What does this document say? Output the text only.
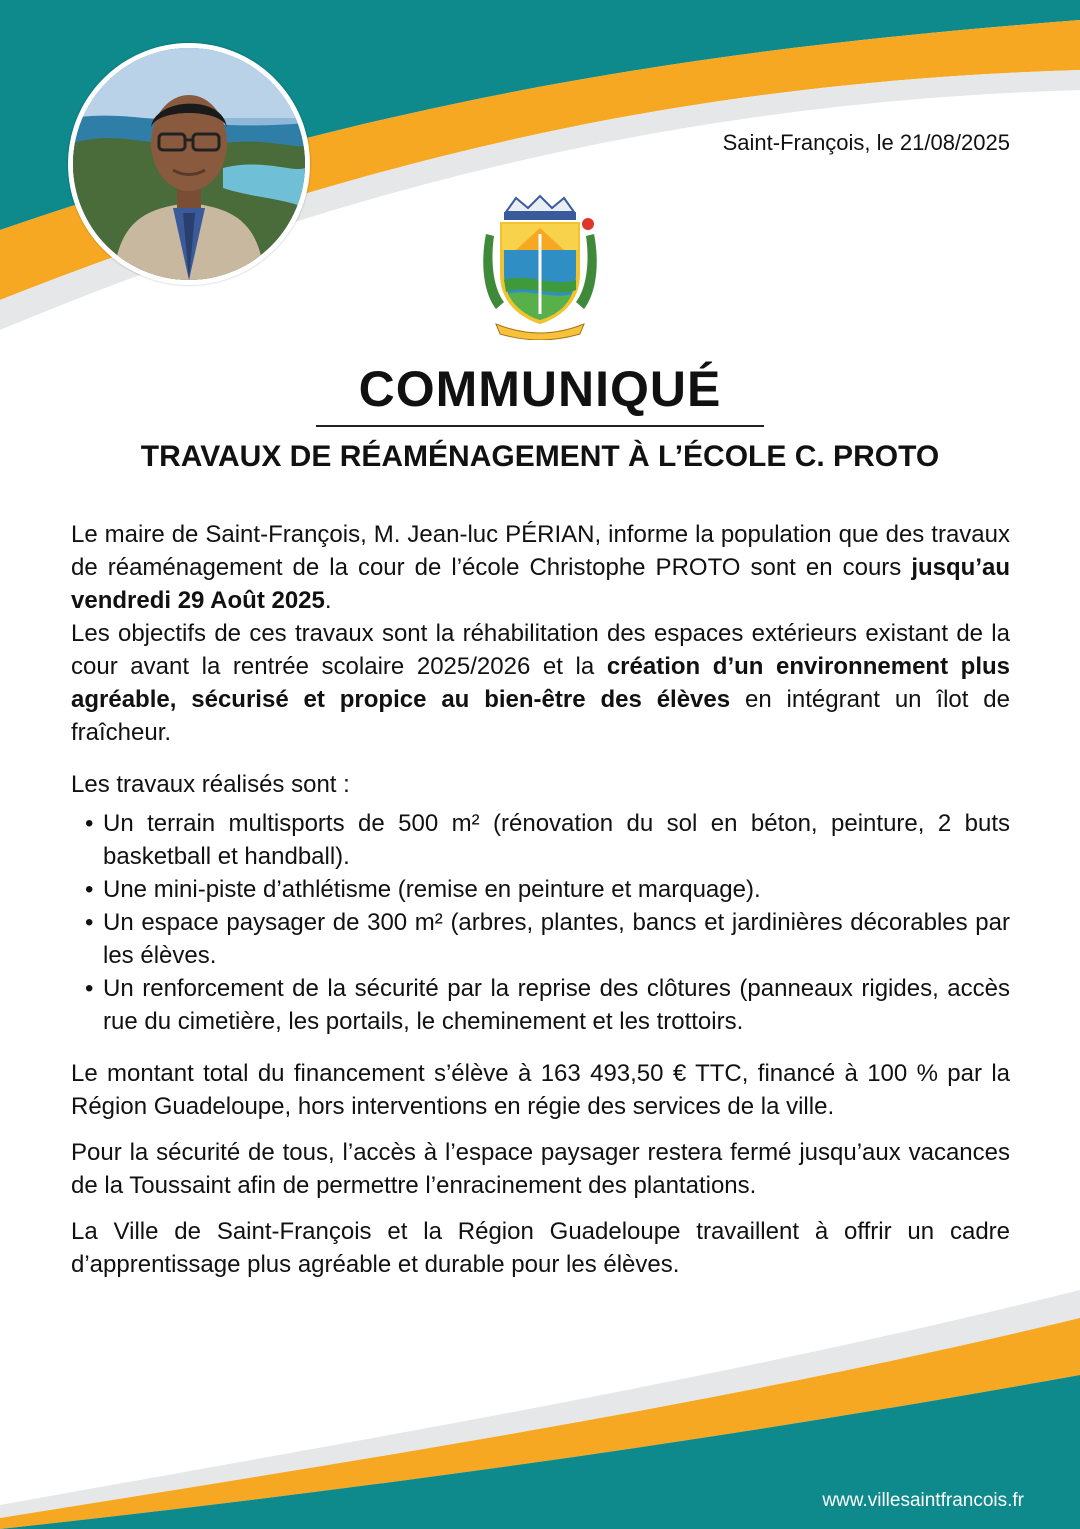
Saint-François, le 21/08/2025
COMMUNIQUÉ
TRAVAUX DE RÉAMÉNAGEMENT À L’ÉCOLE C. PROTO

Le maire de Saint-François, M. Jean-luc PÉRIAN, informe la population que des travaux de réaménagement de la cour de l’école Christophe PROTO sont en cours jusqu’au vendredi 29 Août 2025.

Les objectifs de ces travaux sont la réhabilitation des espaces extérieurs existant de la cour avant la rentrée scolaire 2025/2026 et la création d’un environnement plus agréable, sécurisé et propice au bien-être des élèves en intégrant un îlot de fraîcheur.

Les travaux réalisés sont :

• Un terrain multisports de 500 m² (rénovation du sol en béton, peinture, 2 buts basketball et handball).
• Une mini-piste d’athlétisme (remise en peinture et marquage).
• Un espace paysager de 300 m² (arbres, plantes, bancs et jardinières décorables par les élèves.
• Un renforcement de la sécurité par la reprise des clôtures (panneaux rigides, accès rue du cimetière, les portails, le cheminement et les trottoirs.

Le montant total du financement s’élève à 163 493,50 € TTC, financé à 100 % par la Région Guadeloupe, hors interventions en régie des services de la ville.

Pour la sécurité de tous, l’accès à l’espace paysager restera fermé jusqu’aux vacances de la Toussaint afin de permettre l’enracinement des plantations.

La Ville de Saint-François et la Région Guadeloupe travaillent à offrir un cadre d’apprentissage plus agréable et durable pour les élèves.

www.villesaintfrancois.fr
